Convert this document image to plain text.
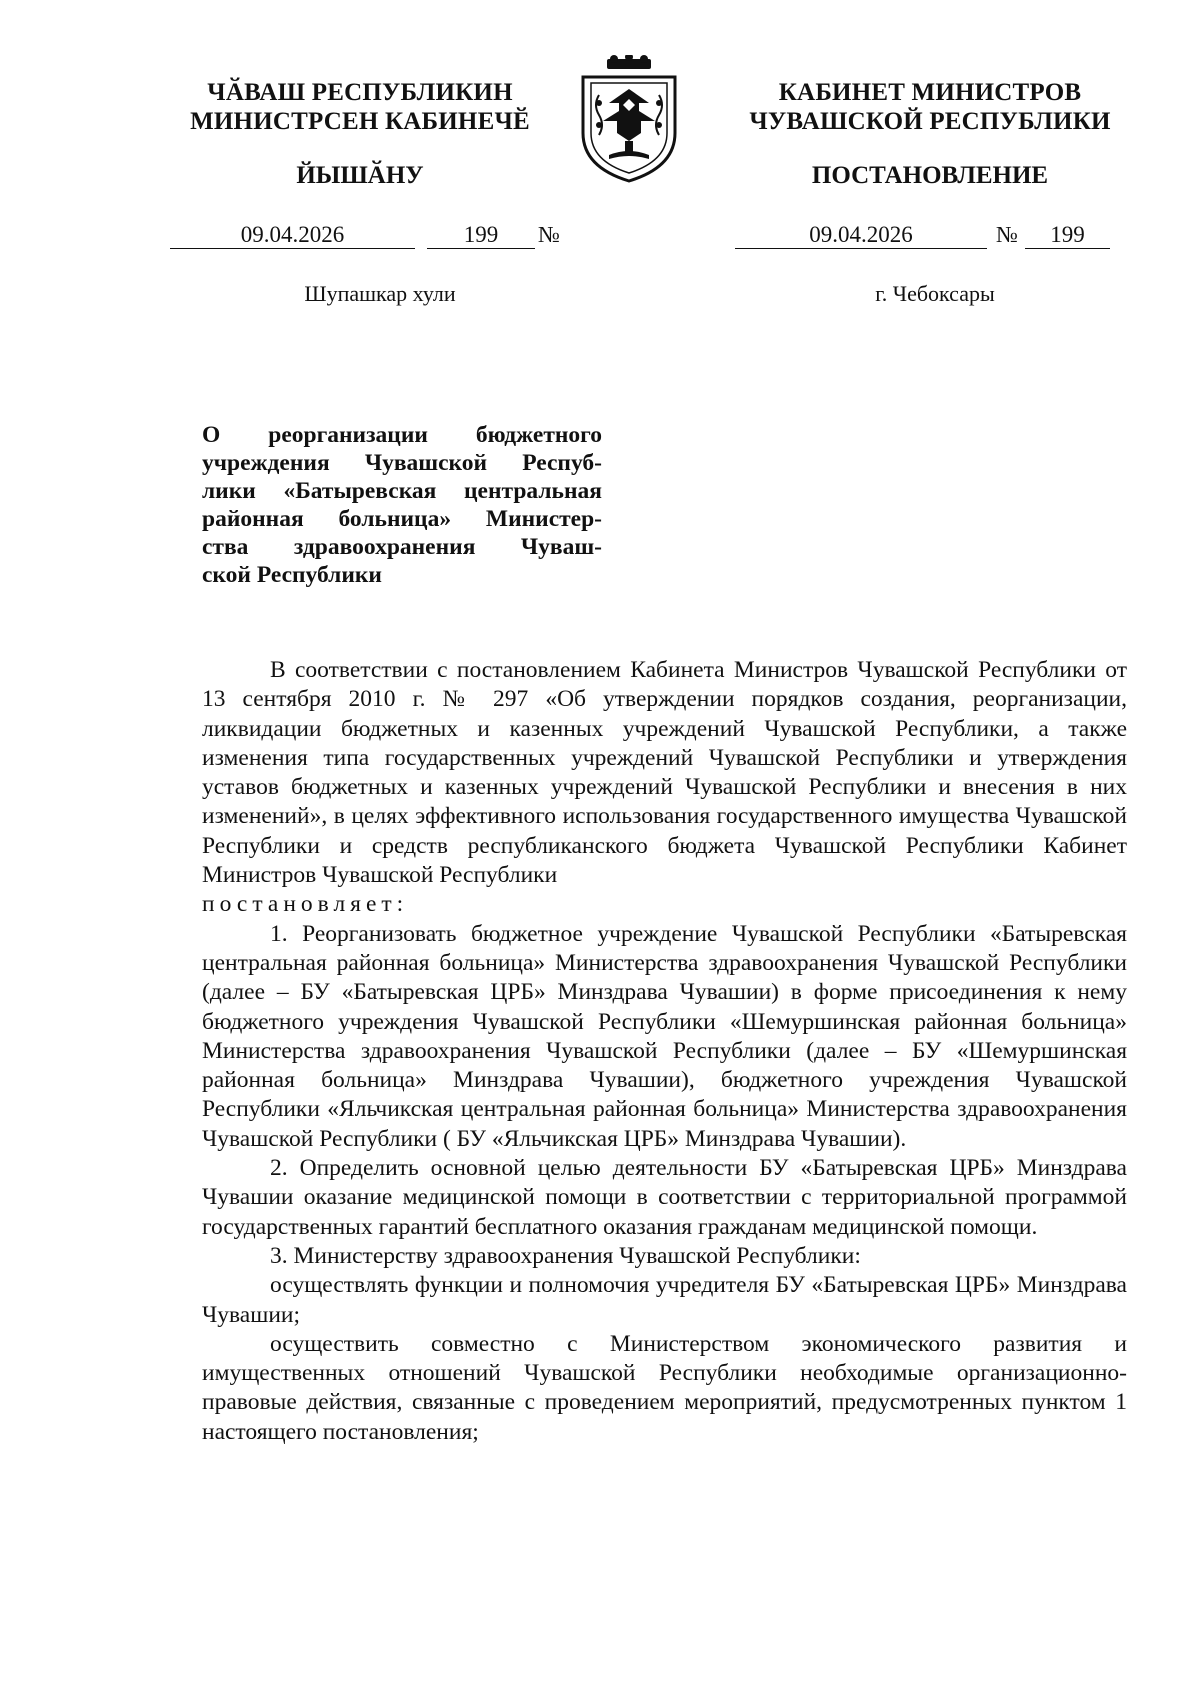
ЧӐВАШ РЕСПУБЛИКИН
МИНИСТРСЕН КАБИНЕЧӖ
ЙЫШӐНУ
КАБИНЕТ МИНИСТРОВ
ЧУВАШСКОЙ РЕСПУБЛИКИ
ПОСТАНОВЛЕНИЕ
09.04.2026	199	№	09.04.2026	№	199
Шупашкар хули	г. Чебоксары
О реорганизации бюджетного
учреждения Чувашской Респуб-
лики «Батыревская центральная
районная больница» Министер-
ства здравоохранения Чуваш-
ской Республики

В соответствии с постановлением Кабинета Министров Чувашской Республики от 13 сентября 2010 г. № 297 «Об утверждении порядков создания, реорганизации, ликвидации бюджетных и казенных учреждений Чувашской Республики, а также изменения типа государственных учреждений Чувашской Республики и утверждения уставов бюджетных и казенных учреждений Чувашской Республики и внесения в них изменений», в целях эффективного использования государственного имущества Чувашской Республики и средств республиканского бюджета Чувашской Республики Кабинет Министров Чувашской Республики

постановляет:

1. Реорганизовать бюджетное учреждение Чувашской Республики «Батыревская центральная районная больница» Министерства здравоохранения Чувашской Республики (далее – БУ «Батыревская ЦРБ» Минздрава Чувашии) в форме присоединения к нему бюджетного учреждения Чувашской Республики «Шемуршинская районная больница» Министерства здравоохранения Чувашской Республики (далее – БУ «Шемуршинская районная больница» Минздрава Чувашии), бюджетного учреждения Чувашской Республики «Яльчикская центральная районная больница» Министерства здравоохранения Чувашской Республики ( БУ «Яльчикская ЦРБ» Минздрава Чувашии).

2. Определить основной целью деятельности БУ «Батыревская ЦРБ» Минздрава Чувашии оказание медицинской помощи в соответствии с территориальной программой государственных гарантий бесплатного оказания гражданам медицинской помощи.

3. Министерству здравоохранения Чувашской Республики:

осуществлять функции и полномочия учредителя БУ «Батыревская ЦРБ» Минздрава Чувашии;

осуществить совместно с Министерством экономического развития и имущественных отношений Чувашской Республики необходимые организационно-правовые действия, связанные с проведением мероприятий, предусмотренных пунктом 1 настоящего постановления;
